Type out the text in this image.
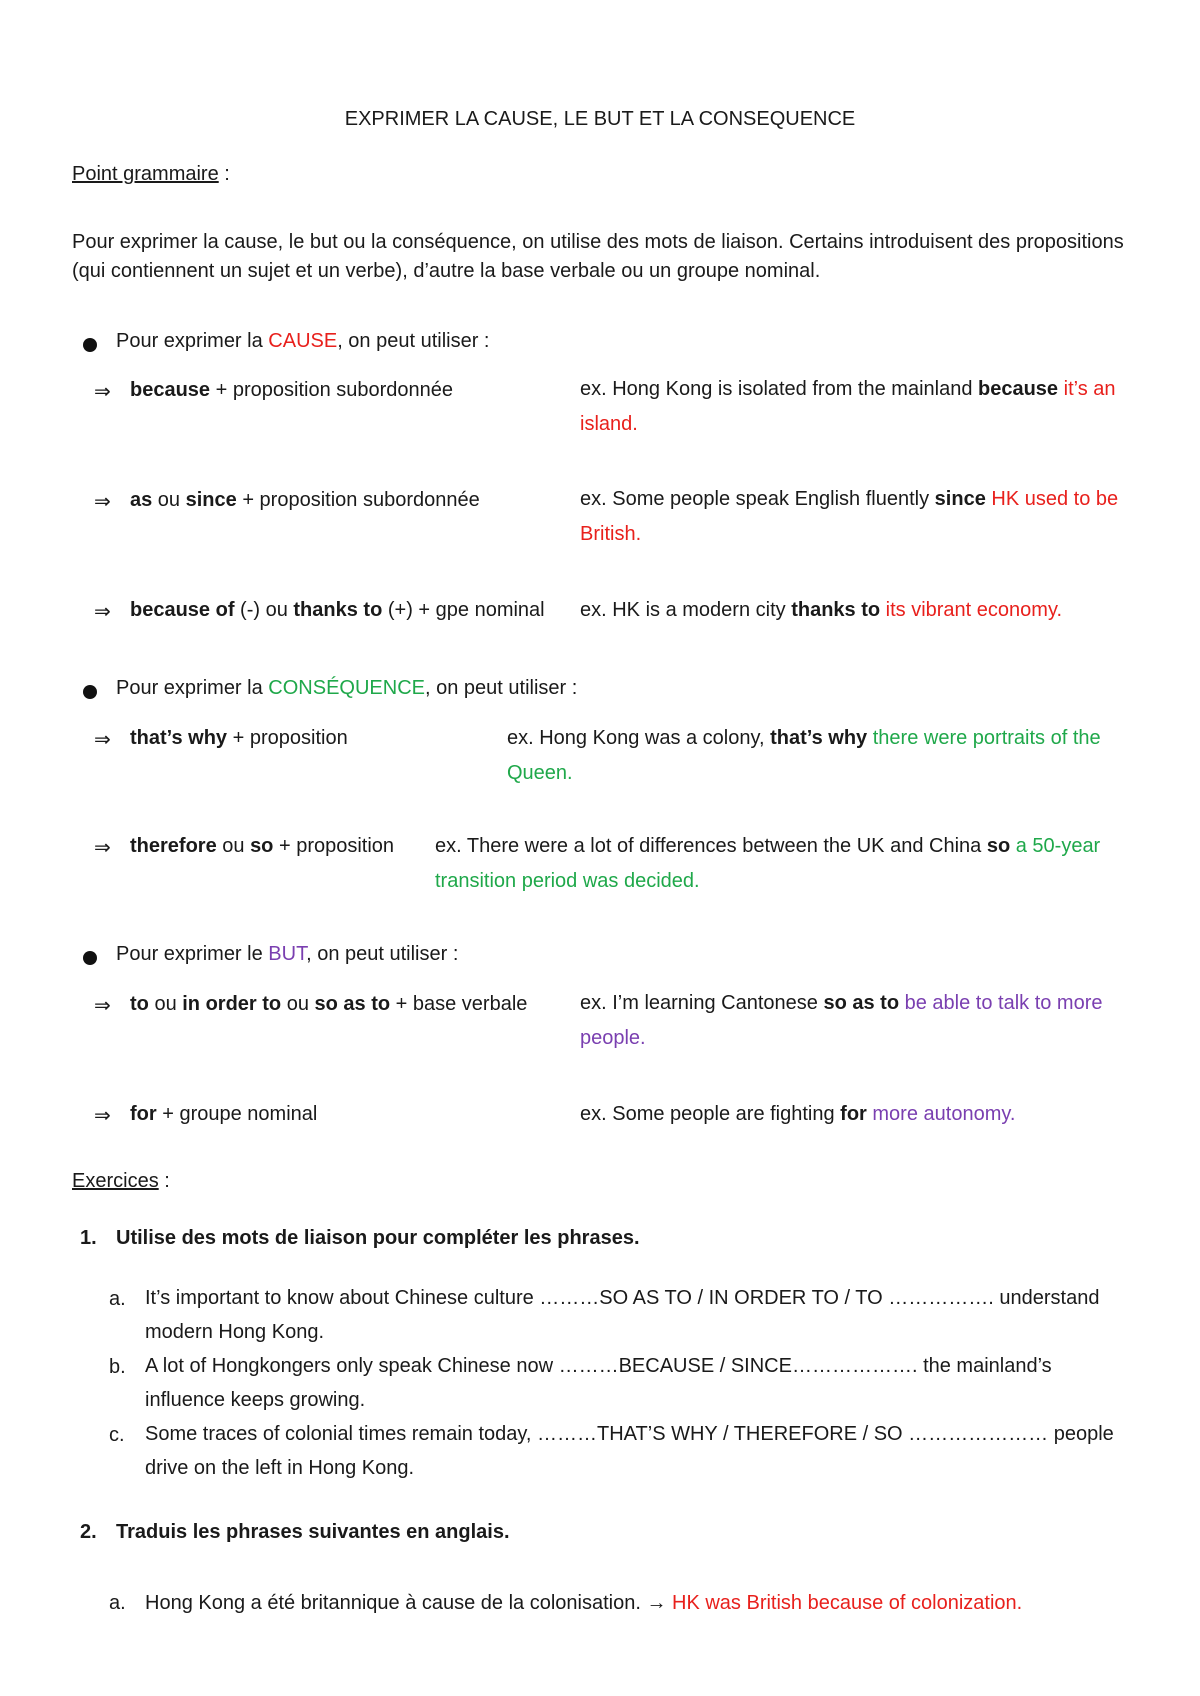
EXPRIMER LA CAUSE, LE BUT ET LA CONSEQUENCE
Point grammaire :
Pour exprimer la cause, le but ou la conséquence, on utilise des mots de liaison. Certains introduisent des propositions (qui contiennent un sujet et un verbe), d’autre la base verbale ou un groupe nominal.
Pour exprimer la CAUSE, on peut utiliser :
⇒ because + proposition subordonnée	ex. Hong Kong is isolated from the mainland because it’s an island.
⇒ as ou since + proposition subordonnée	ex. Some people speak English fluently since HK used to be British.
⇒ because of (-) ou thanks to (+) + gpe nominal ex. HK is a modern city thanks to its vibrant economy.
Pour exprimer la CONSÉQUENCE, on peut utiliser :
⇒ that’s why + proposition	ex. Hong Kong was a colony, that’s why there were portraits of the Queen.
⇒ therefore ou so + proposition ex. There were a lot of differences between the UK and China so a 50-year transition period was decided.
Pour exprimer le BUT, on peut utiliser :
⇒ to ou in order to ou so as to + base verbale	ex. I’m learning Cantonese so as to be able to talk to more people.
⇒ for + groupe nominal	ex. Some people are fighting for more autonomy.
Exercices :
1. Utilise des mots de liaison pour compléter les phrases.
a. It’s important to know about Chinese culture ………SO AS TO / IN ORDER TO / TO ……………. understand modern Hong Kong.
b. A lot of Hongkongers only speak Chinese now ………BECAUSE / SINCE………………. the mainland’s influence keeps growing.
c. Some traces of colonial times remain today, ………THAT’S WHY / THEREFORE / SO ………………… people drive on the left in Hong Kong.
2. Traduis les phrases suivantes en anglais.
a. Hong Kong a été britannique à cause de la colonisation. → HK was British because of colonization.
